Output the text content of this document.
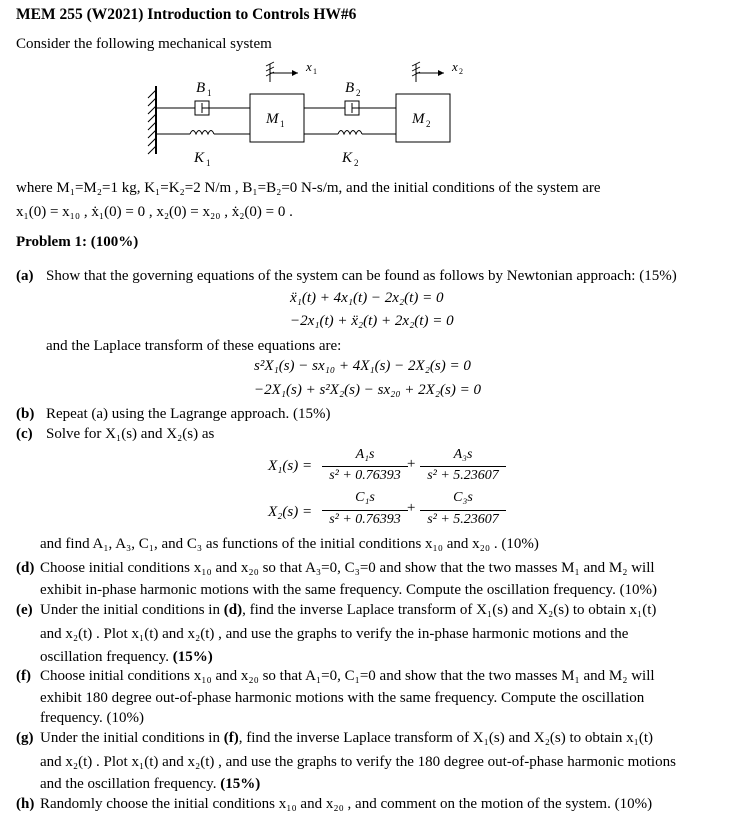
MEM 255 (W2021) Introduction to Controls HW#6
Consider the following mechanical system
B 1
K 1
M 1
B 2
K 2
M 2
x 1	x 2
where M₁=M₂=1 kg, K₁=K₂=2 N/m , B₁=B₂=0 N-s/m, and the initial conditions of the system are
x₁(0) = x₁₀ , ẋ₁(0) = 0 , x₂(0) = x₂₀ , ẋ₂(0) = 0 .
Problem 1: (100%)
(a) Show that the governing equations of the system can be found as follows by Newtonian approach: (15%)
ẍ₁(t) + 4x₁(t) − 2x₂(t) = 0
−2x₁(t) + ẍ₂(t) + 2x₂(t) = 0
and the Laplace transform of these equations are:
s²X₁(s) − sx₁₀ + 4X₁(s) − 2X₂(s) = 0
−2X₁(s) + s²X₂(s) − sx₂₀ + 2X₂(s) = 0
(b) Repeat (a) using the Lagrange approach. (15%)
(c) Solve for X₁(s) and X₂(s) as
X₁(s) =
A₁s
s² + 0.76393
+
A₃s
s² + 5.23607
X₂(s) =
C₁s
s² + 0.76393
+
C₃s
s² + 5.23607
and find A₁, A₃, C₁, and C₃ as functions of the initial conditions x₁₀ and x₂₀ . (10%)
(d) Choose initial conditions x₁₀ and x₂₀ so that A₃=0, C₃=0 and show that the two masses M₁ and M₂ will
exhibit in-phase harmonic motions with the same frequency. Compute the oscillation frequency. (10%)
(e) Under the initial conditions in (d), find the inverse Laplace transform of X₁(s) and X₂(s) to obtain x₁(t)
and x₂(t) . Plot x₁(t) and x₂(t) , and use the graphs to verify the in-phase harmonic motions and the
oscillation frequency. (15%)
(f) Choose initial conditions x₁₀ and x₂₀ so that A₁=0, C₁=0 and show that the two masses M₁ and M₂ will
exhibit 180 degree out-of-phase harmonic motions with the same frequency. Compute the oscillation
frequency. (10%)
(g) Under the initial conditions in (f), find the inverse Laplace transform of X₁(s) and X₂(s) to obtain x₁(t)
and x₂(t) . Plot x₁(t) and x₂(t) , and use the graphs to verify the 180 degree out-of-phase harmonic motions
and the oscillation frequency. (15%)
(h) Randomly choose the initial conditions x₁₀ and x₂₀ , and comment on the motion of the system. (10%)
